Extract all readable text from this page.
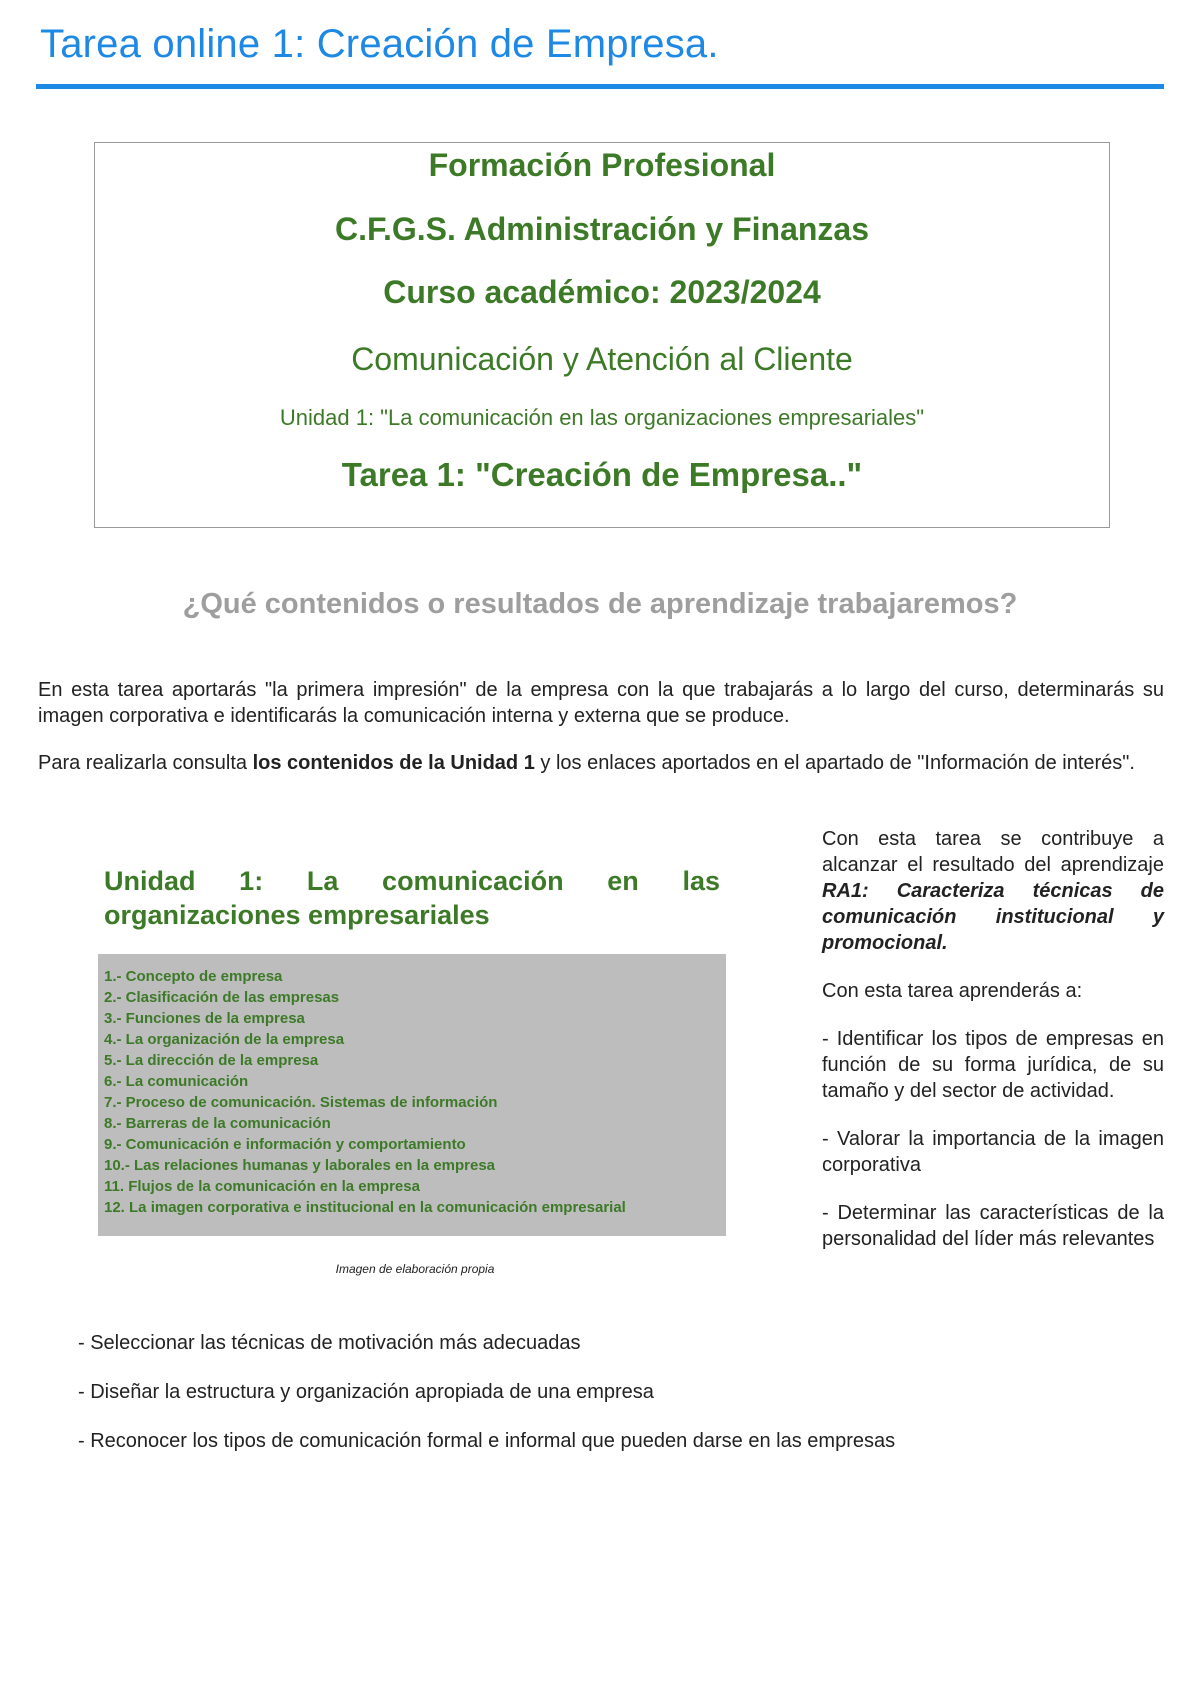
Tarea online 1: Creación de Empresa.
Formación Profesional
C.F.G.S. Administración y Finanzas
Curso académico: 2023/2024
Comunicación y Atención al Cliente
Unidad 1: "La comunicación en las organizaciones empresariales"
Tarea 1: "Creación de Empresa.."
¿Qué contenidos o resultados de aprendizaje trabajaremos?

En esta tarea aportarás "la primera impresión" de la empresa con la que trabajarás a lo largo del curso, determinarás su imagen corporativa e identificarás la comunicación interna y externa que se produce.

Para realizarla consulta los contenidos de la Unidad 1 y los enlaces aportados en el apartado de "Información de interés".

Unidad 1: La comunicación en las
organizaciones empresariales
1.- Concepto de empresa
2.- Clasificación de las empresas
3.- Funciones de la empresa
4.- La organización de la empresa
5.- La dirección de la empresa
6.- La comunicación
7.- Proceso de comunicación. Sistemas de información
8.- Barreras de la comunicación
9.- Comunicación e información y comportamiento
10.- Las relaciones humanas y laborales en la empresa
11. Flujos de la comunicación en la empresa
12. La imagen corporativa e institucional en la comunicación empresarial
Imagen de elaboración propia

Con esta tarea se contribuye a alcanzar el resultado del aprendizaje RA1: Caracteriza técnicas de comunicación institucional y promocional.

Con esta tarea aprenderás a:

- Identificar los tipos de empresas en función de su forma jurídica, de su tamaño y del sector de actividad.

- Valorar la importancia de la imagen corporativa

- Determinar las características de la personalidad del líder más relevantes

- Seleccionar las técnicas de motivación más adecuadas
- Diseñar la estructura y organización apropiada de una empresa
- Reconocer los tipos de comunicación formal e informal que pueden darse en las empresas
